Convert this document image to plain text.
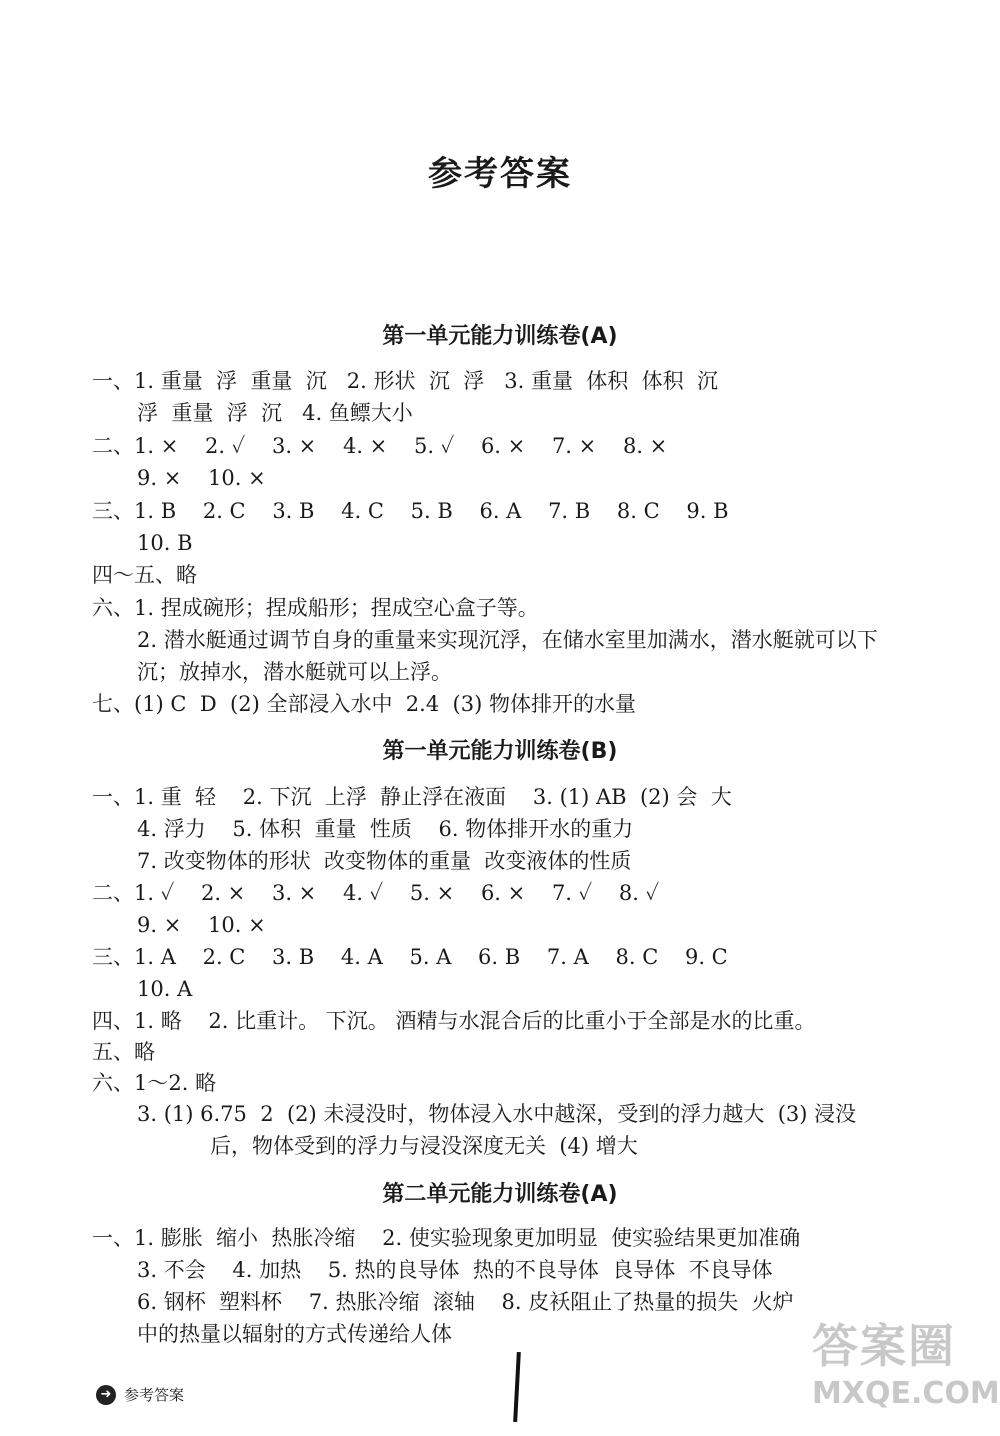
参考答案
第一单元能力训练卷(A)
一、1. 重量  浮  重量  沉   2. 形状  沉  浮   3. 重量  体积  体积  沉
浮  重量  浮  沉   4. 鱼鳔大小
二、1. ×    2. ✓    3. ×    4. ×    5. ✓    6. ×    7. ×    8. ×
9. ×    10. ×
三、1. B    2. C    3. B    4. C    5. B    6. A    7. B    8. C    9. B
10. B
四～五、略
六、1. 捏成碗形；捏成船形；捏成空心盒子等。
2. 潜水艇通过调节自身的重量来实现沉浮，在储水室里加满水，潜水艇就可以下
沉；放掉水，潜水艇就可以上浮。
七、(1) C  D  (2) 全部浸入水中  2.4  (3) 物体排开的水量
第一单元能力训练卷(B)
一、1. 重  轻    2. 下沉  上浮  静止浮在液面    3. (1) AB  (2) 会  大
4. 浮力    5. 体积  重量  性质    6. 物体排开水的重力
7. 改变物体的形状  改变物体的重量  改变液体的性质
二、1. ✓    2. ×    3. ×    4. ✓    5. ×    6. ×    7. ✓    8. ✓
9. ×    10. ×
三、1. A    2. C    3. B    4. A    5. A    6. B    7. A    8. C    9. C
10. A
四、1. 略    2. 比重计。 下沉。 酒精与水混合后的比重小于全部是水的比重。
五、略
六、1～2. 略
3. (1) 6.75  2  (2) 未浸没时，物体浸入水中越深，受到的浮力越大  (3) 浸没
后，物体受到的浮力与浸没深度无关  (4) 增大
第二单元能力训练卷(A)
一、1. 膨胀  缩小  热胀冷缩    2. 使实验现象更加明显  使实验结果更加准确
3. 不会    4. 加热    5. 热的良导体  热的不良导体  良导体  不良导体
6. 钢杯  塑料杯    7. 热胀冷缩  滚轴    8. 皮袄阻止了热量的损失  火炉
中的热量以辐射的方式传递给人体
➜ 参考答案
答案圈
MXQE.COM
